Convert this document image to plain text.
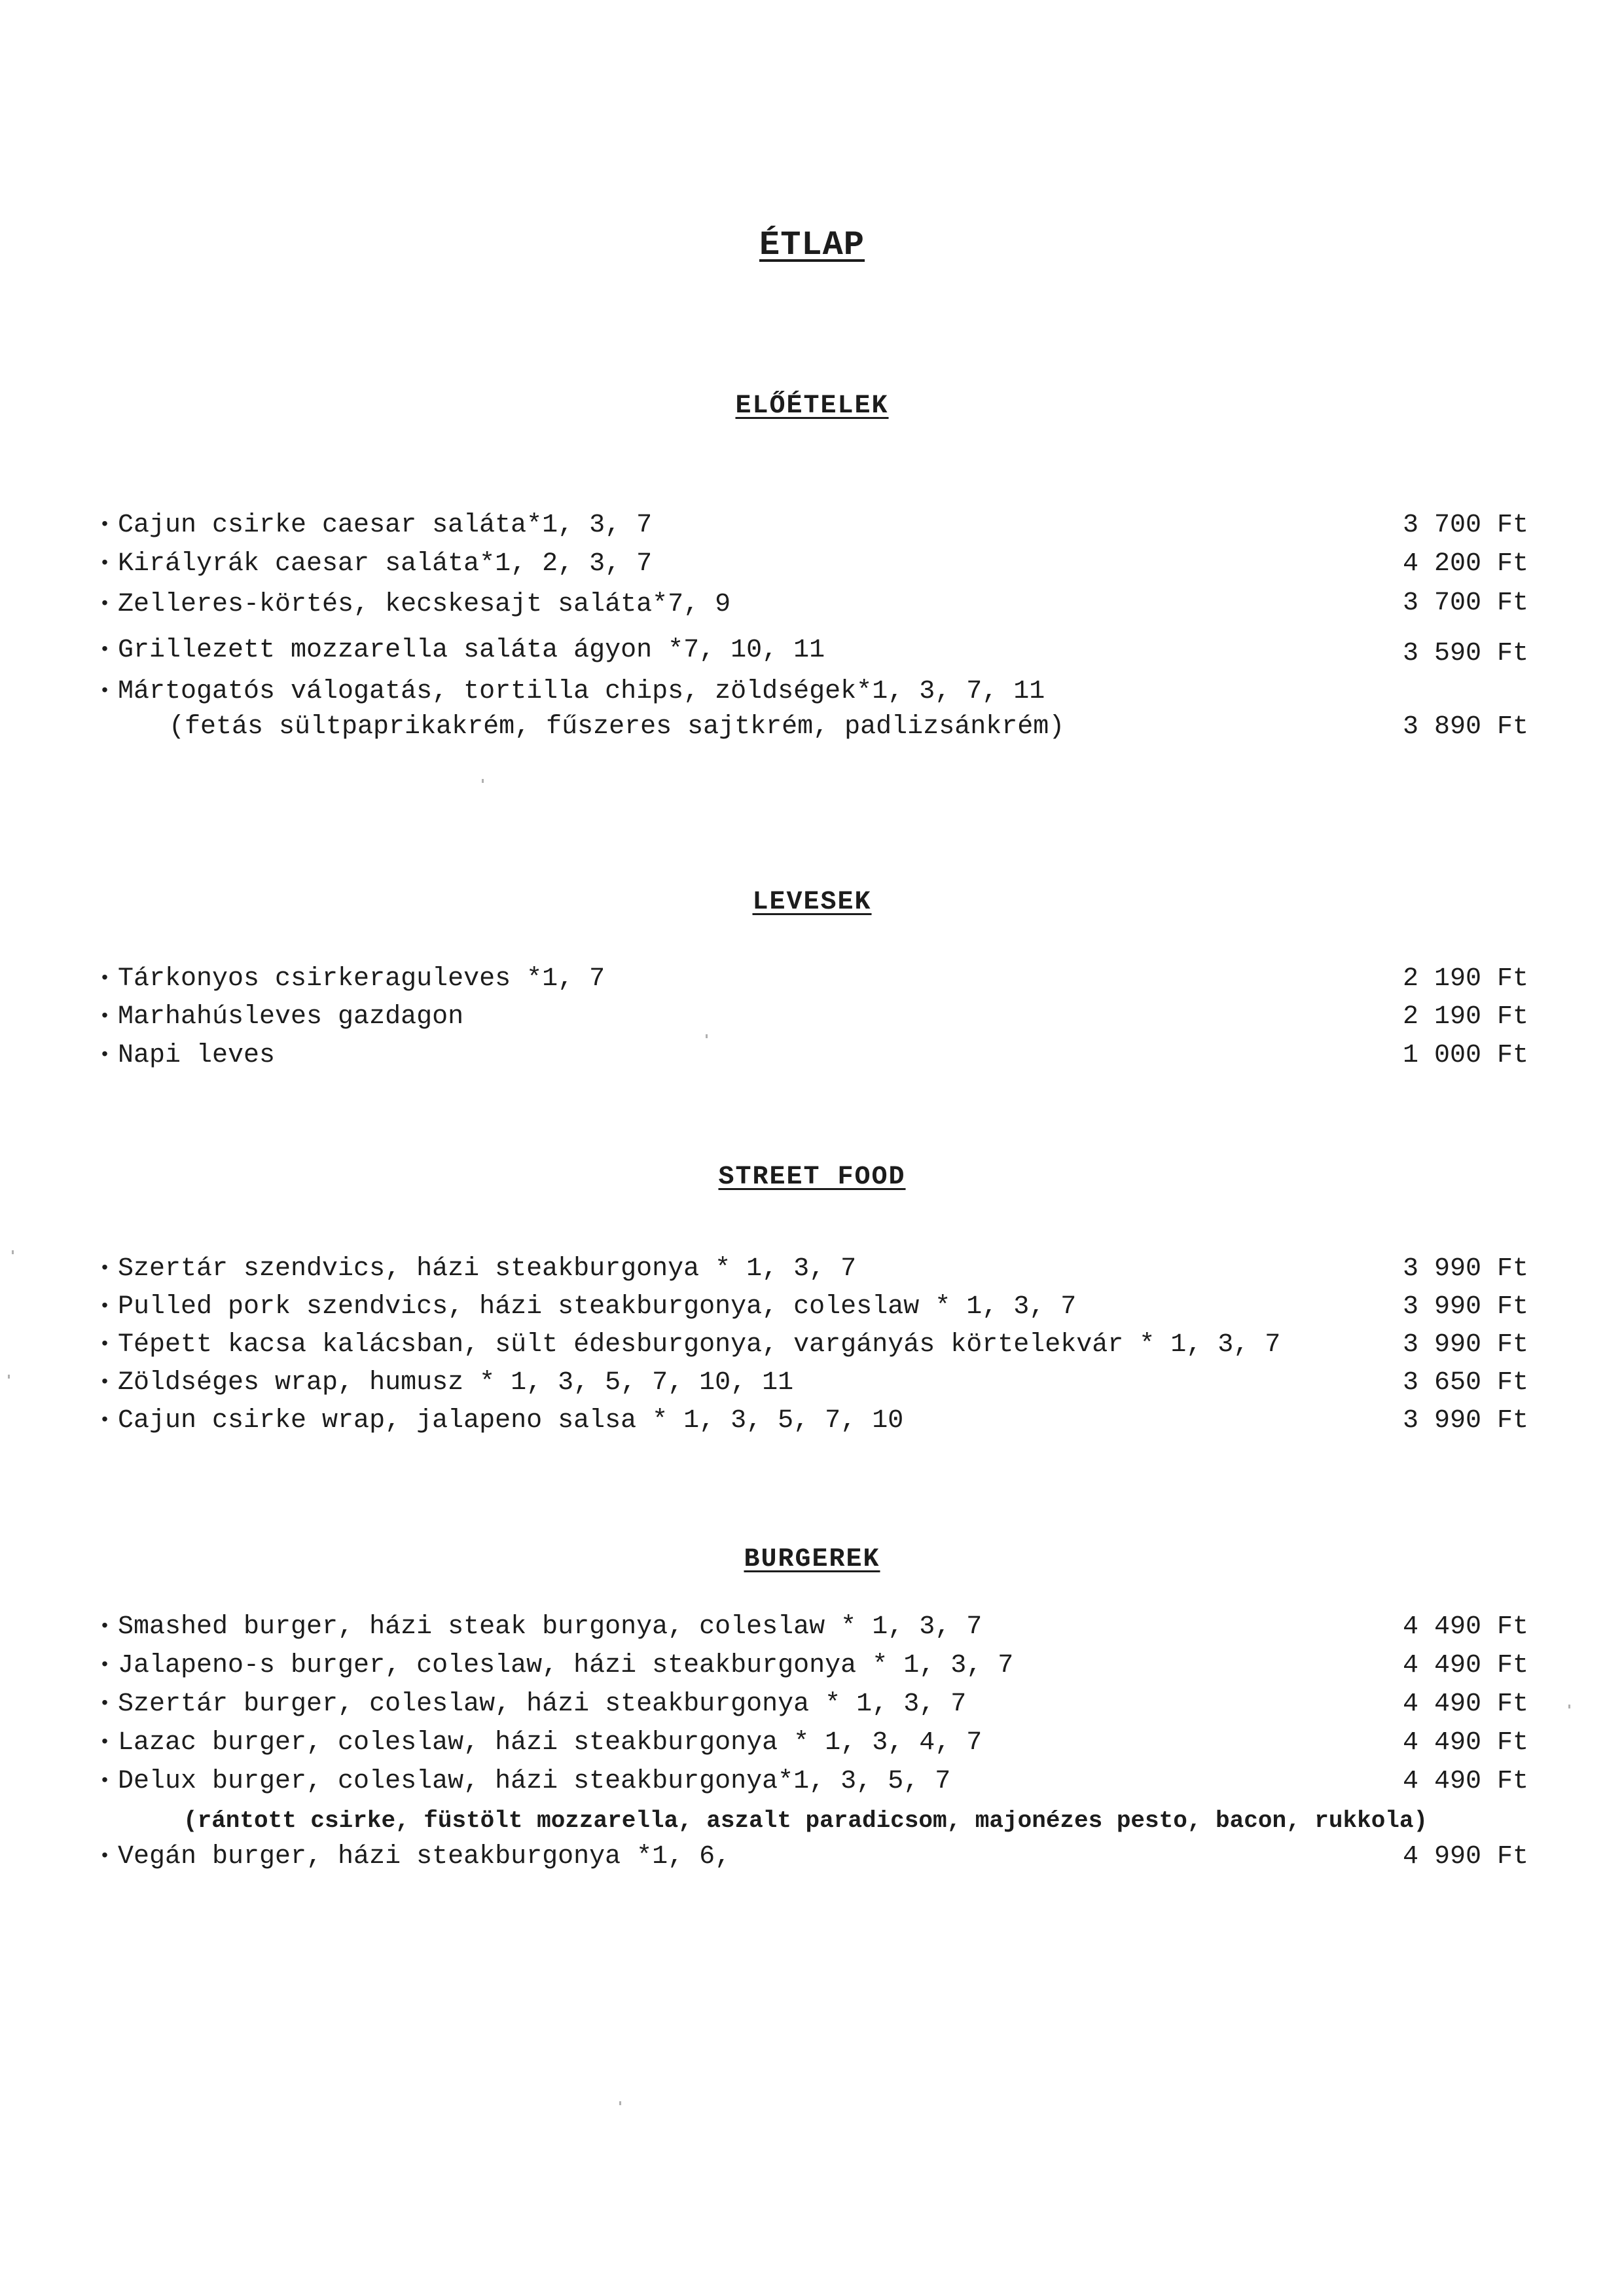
ÉTLAP
ELŐÉTELEK
• Cajun csirke caesar saláta*1, 3, 7	3 700 Ft
• Királyrák caesar saláta*1, 2, 3, 7	4 200 Ft
• Zelleres-körtés, kecskesajt saláta*7, 9	3 700 Ft
• Grillezett mozzarella saláta ágyon *7, 10, 11	3 590 Ft
• Mártogatós válogatás, tortilla chips, zöldségek*1, 3, 7, 11
(fetás sültpaprikakrém, fűszeres sajtkrém, padlizsánkrém)	3 890 Ft
LEVESEK
• Tárkonyos csirkeraguleves *1, 7	2 190 Ft
• Marhahúsleves gazdagon	2 190 Ft
• Napi leves	1 000 Ft
STREET FOOD
• Szertár szendvics, házi steakburgonya * 1, 3, 7	3 990 Ft
• Pulled pork szendvics, házi steakburgonya, coleslaw * 1, 3, 7	3 990 Ft
• Tépett kacsa kalácsban, sült édesburgonya, vargányás körtelekvár * 1, 3, 7	3 990 Ft
• Zöldséges wrap, humusz * 1, 3, 5, 7, 10, 11	3 650 Ft
• Cajun csirke wrap, jalapeno salsa * 1, 3, 5, 7, 10	3 990 Ft
BURGEREK
• Smashed burger, házi steak burgonya, coleslaw * 1, 3, 7	4 490 Ft
• Jalapeno-s burger, coleslaw, házi steakburgonya * 1, 3, 7	4 490 Ft
• Szertár burger, coleslaw, házi steakburgonya * 1, 3, 7	4 490 Ft
• Lazac burger, coleslaw, házi steakburgonya * 1, 3, 4, 7	4 490 Ft
• Delux burger, coleslaw, házi steakburgonya*1, 3, 5, 7	4 490 Ft
(rántott csirke, füstölt mozzarella, aszalt paradicsom, majonézes pesto, bacon, rukkola)
• Vegán burger, házi steakburgonya *1, 6,	4 990 Ft
